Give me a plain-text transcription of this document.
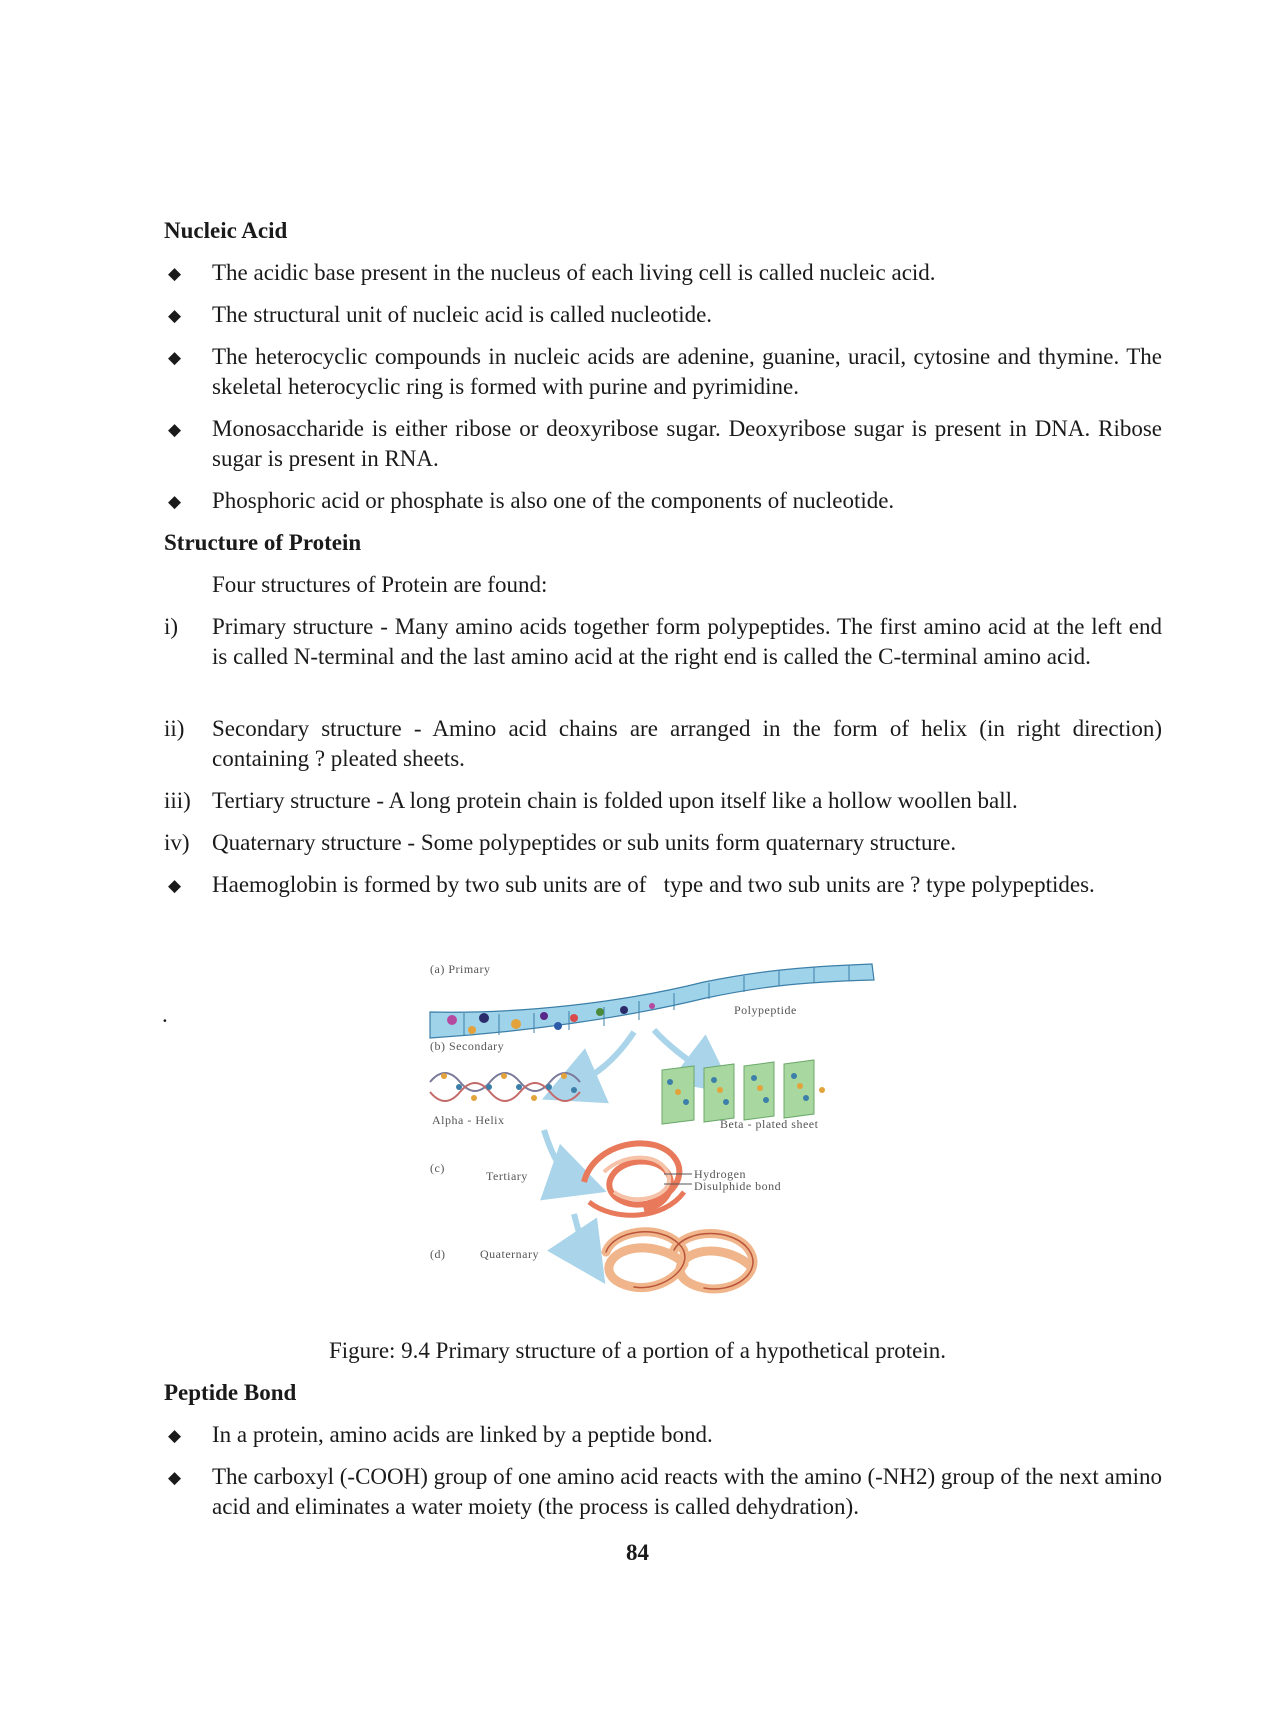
Nucleic Acid
◆	The acidic base present in the nucleus of each living cell is called nucleic acid.
◆	The structural unit of nucleic acid is called nucleotide.
◆	The heterocyclic compounds in nucleic acids are adenine, guanine, uracil, cytosine and thymine. The skeletal heterocyclic ring is formed with purine and pyrimidine.
◆	Monosaccharide is either ribose or deoxyribose sugar. Deoxyribose sugar is present in DNA. Ribose sugar is present in RNA.
◆	Phosphoric acid or phosphate is also one of the components of nucleotide.
Structure of Protein
Four structures of Protein are found:
i)	Primary structure - Many amino acids together form polypeptides. The first amino acid at the left end is called N-terminal and the last amino acid at the right end is called the C-terminal amino acid.
ii)	Secondary structure - Amino acid chains are arranged in the form of helix (in right direction) containing ? pleated sheets.
iii) Tertiary structure - A long protein chain is folded upon itself like a hollow woollen ball.
iv) Quaternary structure - Some polypeptides or sub units form quaternary structure.
◆	Haemoglobin is formed by two sub units are of   type and two sub units are ? type polypeptides.
.
(a) Primary
Polypeptide
(b) Secondary
Alpha - Helix	Beta - plated sheet
(c)
Tertiary	Hydrogen
Disulphide bond
(d)	Quaternary
Figure: 9.4 Primary structure of a portion of a hypothetical protein.
Peptide Bond
◆	In a protein, amino acids are linked by a peptide bond.
◆	The carboxyl (-COOH) group of one amino acid reacts with the amino (-NH2) group of the next amino acid and eliminates a water moiety (the process is called dehydration).
84
